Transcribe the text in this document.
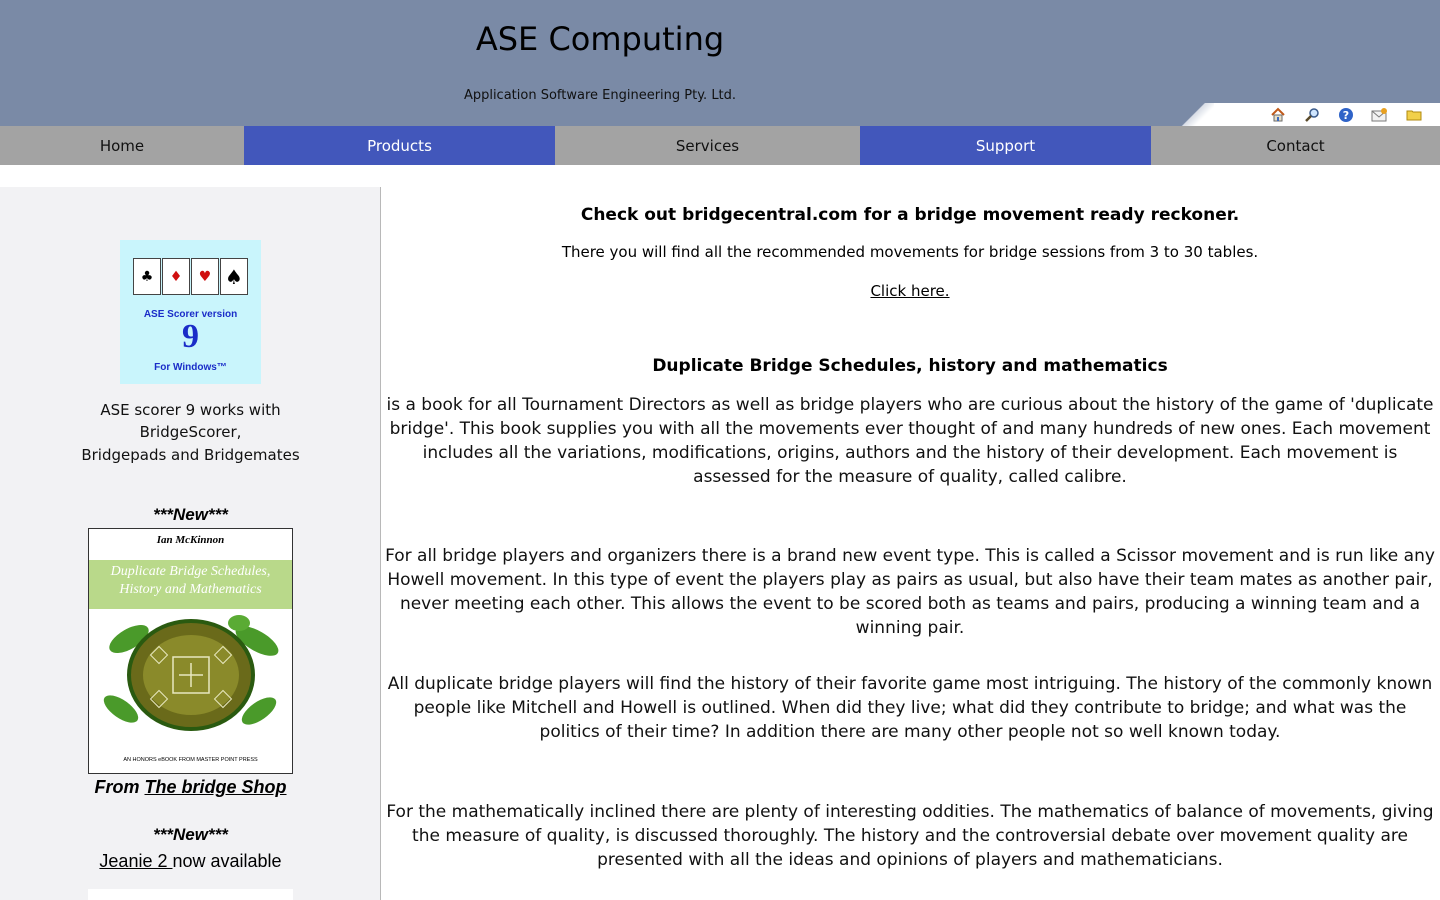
ASE Computing
Application Software Engineering Pty. Ltd.
?
Home	Products	Services	Support	Contact
♣	♦	♥ ♠
ASE Scorer version
9
For Windows™
ASE scorer 9 works with
BridgeScorer,
Bridgepads and Bridgemates
***New***
Ian McKinnon
Duplicate Bridge Schedules,
History and Mathematics
AN HONORS eBOOK FROM MASTER POINT PRESS
From The bridge Shop
***New***
Jeanie 2 now available
Check out bridgecentral.com for a bridge movement ready reckoner.
There you will find all the recommended movements for bridge sessions from 3 to 30 tables.
Click here.
Duplicate Bridge Schedules, history and mathematics
is a book for all Tournament Directors as well as bridge players who are curious about the history of the game of 'duplicate bridge'. This book supplies you with all the movements ever thought of and many hundreds of new ones. Each movement includes all the variations, modifications, origins, authors and the history of their development. Each movement is assessed for the measure of quality, called calibre.
For all bridge players and organizers there is a brand new event type. This is called a Scissor movement and is run like any Howell movement. In this type of event the players play as pairs as usual, but also have their team mates as another pair, never meeting each other. This allows the event to be scored both as teams and pairs, producing a winning team and a winning pair.
All duplicate bridge players will find the history of their favorite game most intriguing. The history of the commonly known people like Mitchell and Howell is outlined. When did they live; what did they contribute to bridge; and what was the politics of their time? In addition there are many other people not so well known today.
For the mathematically inclined there are plenty of interesting oddities. The mathematics of balance of movements, giving the measure of quality, is discussed thoroughly. The history and the controversial debate over movement quality are presented with all the ideas and opinions of players and mathematicians.
